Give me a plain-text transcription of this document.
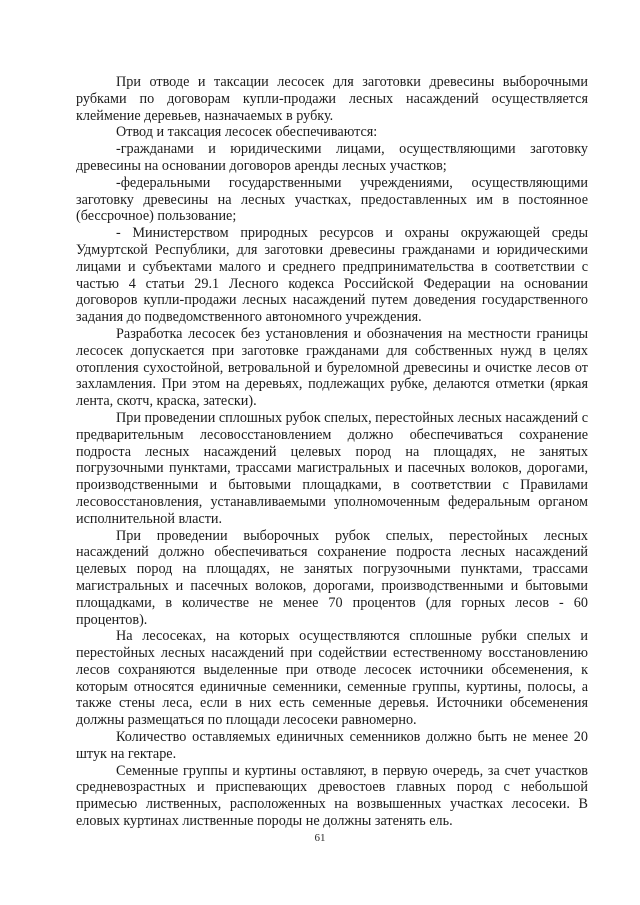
При отводе и таксации лесосек для заготовки древесины выборочными рубками по договорам купли-продажи лесных насаждений осуществляется клеймение деревьев, назначаемых в рубку.

Отвод и таксация лесосек обеспечиваются:

-гражданами и юридическими лицами, осуществляющими заготовку древесины на основании договоров аренды лесных участков;

-федеральными государственными учреждениями, осуществляющими заготовку древесины на лесных участках, предоставленных им в постоянное (бессрочное) пользование;

- Министерством природных ресурсов и охраны окружающей среды Удмуртской Республики, для заготовки древесины гражданами и юридическими лицами и субъектами малого и среднего предпринимательства в соответствии с частью 4 статьи 29.1 Лесного кодекса Российской Федерации на основании договоров купли-продажи лесных насаждений путем доведения государственного задания до подведомственного автономного учреждения.

Разработка лесосек без установления и обозначения на местности границы лесосек допускается при заготовке гражданами для собственных нужд в целях отопления сухостойной, ветровальной и буреломной древесины и очистке лесов от захламления. При этом на деревьях, подлежащих рубке, делаются отметки (яркая лента, скотч, краска, затески).

При проведении сплошных рубок спелых, перестойных лесных насаждений с предварительным лесовосстановлением должно обеспечиваться сохранение подроста лесных насаждений целевых пород на площадях, не занятых погрузочными пунктами, трассами магистральных и пасечных волоков, дорогами, производственными и бытовыми площадками, в соответствии с Правилами лесовосстановления, устанавливаемыми уполномоченным федеральным органом исполнительной власти.

При проведении выборочных рубок спелых, перестойных лесных насаждений должно обеспечиваться сохранение подроста лесных насаждений целевых пород на площадях, не занятых погрузочными пунктами, трассами магистральных и пасечных волоков, дорогами, производственными и бытовыми площадками, в количестве не менее 70 процентов (для горных лесов - 60 процентов).

На лесосеках, на которых осуществляются сплошные рубки спелых и перестойных лесных насаждений при содействии естественному восстановлению лесов сохраняются выделенные при отводе лесосек источники обсеменения, к которым относятся единичные семенники, семенные группы, куртины, полосы, а также стены леса, если в них есть семенные деревья. Источники обсеменения должны размещаться по площади лесосеки равномерно.

Количество оставляемых единичных семенников должно быть не менее 20 штук на гектаре.

Семенные группы и куртины оставляют, в первую очередь, за счет участков средневозрастных и приспевающих древостоев главных пород с небольшой примесью лиственных, расположенных на возвышенных участках лесосеки. В еловых куртинах лиственные породы не должны затенять ель.

61
